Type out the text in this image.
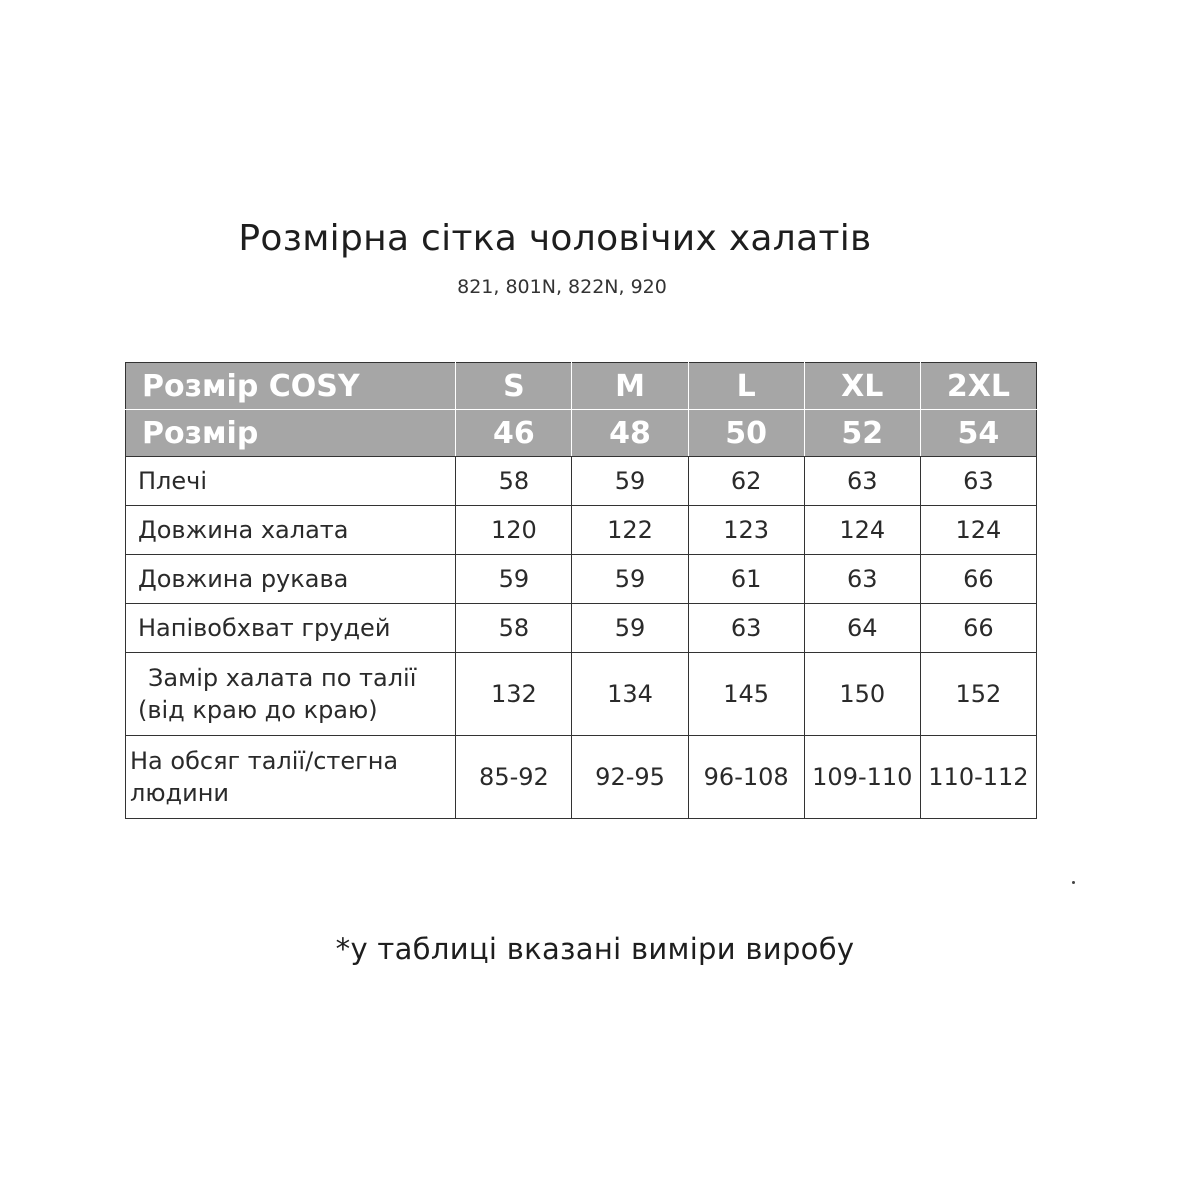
Розмірна сітка чоловічих халатів
821, 801N, 822N, 920
Розмір COSY	S	M	L	XL	2XL
Розмір	46	48	50	52	54
Плечі	58	59	62	63	63
Довжина халата	120	122	123	124	124
Довжина рукава	59	59	61	63	66
Напівобхват грудей	58	59	63	64	66

Замір халата по талії
(від краю до краю)	132	134	145	150	152

На обсяг талії/стегна
людини	85-92	92-95	96-108	109-110	110-112
*у таблиці вказані виміри виробу
